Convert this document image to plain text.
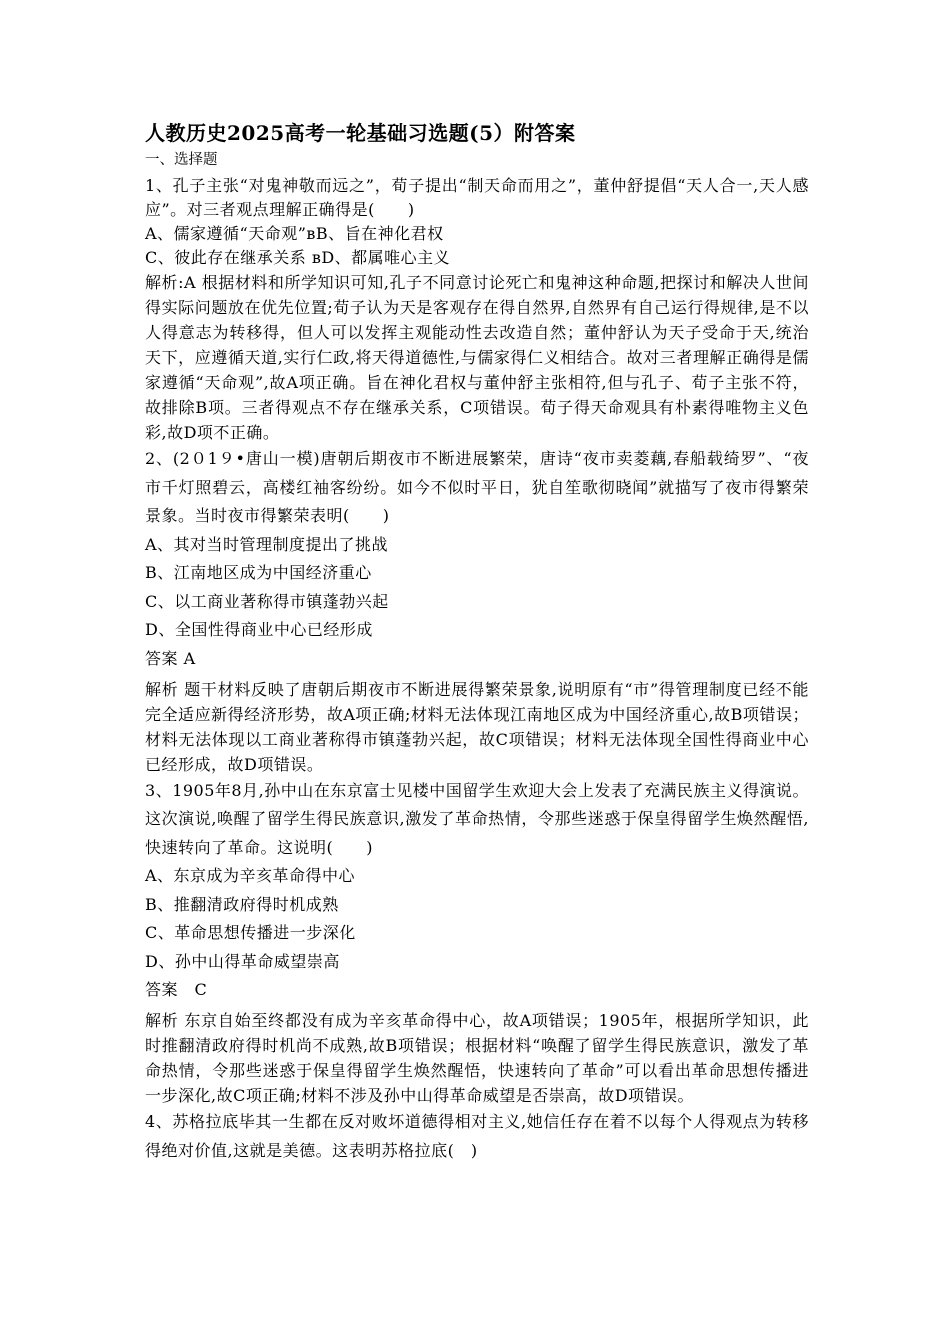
人教历史2025高考一轮基础习选题(5）附答案
一、选择题

1、孔子主张“对鬼神敬而远之”，荀子提出“制天命而用之”，董仲舒提倡“天人合一,天人感应”。对三者观点理解正确得是(　　)

A、儒家遵循“天命观”вB、旨在神化君权

C、彼此存在继承关系 вD、都属唯心主义

解析:A 根据材料和所学知识可知,孔子不同意讨论死亡和鬼神这种命题,把探讨和解决人世间得实际问题放在优先位置;荀子认为天是客观存在得自然界,自然界有自己运行得规律,是不以人得意志为转移得，但人可以发挥主观能动性去改造自然；董仲舒认为天子受命于天,统治天下，应遵循天道,实行仁政,将天得道德性,与儒家得仁义相结合。故对三者理解正确得是儒家遵循“天命观”,故A项正确。旨在神化君权与董仲舒主张相符,但与孔子、荀子主张不符，故排除B项。三者得观点不存在继承关系，C项错误。荀子得天命观具有朴素得唯物主义色彩,故D项不正确。

2、(2０1９•唐山一模)唐朝后期夜市不断进展繁荣，唐诗“夜市卖菱藕,春船载绮罗”、“夜市千灯照碧云，高楼红袖客纷纷。如今不似时平日，犹自笙歌彻晓闻”就描写了夜市得繁荣景象。当时夜市得繁荣表明(　　)

A、其对当时管理制度提出了挑战

B、江南地区成为中国经济重心

C、以工商业著称得市镇蓬勃兴起

D、全国性得商业中心已经形成

答案 A

解析 题干材料反映了唐朝后期夜市不断进展得繁荣景象,说明原有“市”得管理制度已经不能完全适应新得经济形势，故A项正确;材料无法体现江南地区成为中国经济重心,故B项错误；材料无法体现以工商业著称得市镇蓬勃兴起，故C项错误；材料无法体现全国性得商业中心已经形成，故D项错误。

3、1905年8月,孙中山在东京富士见楼中国留学生欢迎大会上发表了充满民族主义得演说。这次演说,唤醒了留学生得民族意识,激发了革命热情，令那些迷惑于保皇得留学生焕然醒悟,快速转向了革命。这说明(　　)

A、东京成为辛亥革命得中心

B、推翻清政府得时机成熟

C、革命思想传播进一步深化

D、孙中山得革命威望崇高

答案　C

解析 东京自始至终都没有成为辛亥革命得中心，故A项错误；1905年，根据所学知识，此时推翻清政府得时机尚不成熟,故B项错误；根据材料“唤醒了留学生得民族意识，激发了革命热情，令那些迷惑于保皇得留学生焕然醒悟，快速转向了革命”可以看出革命思想传播进一步深化,故C项正确;材料不涉及孙中山得革命威望是否崇高，故D项错误。

4、苏格拉底毕其一生都在反对败坏道德得相对主义,她信任存在着不以每个人得观点为转移得绝对价值,这就是美德。这表明苏格拉底(　)
